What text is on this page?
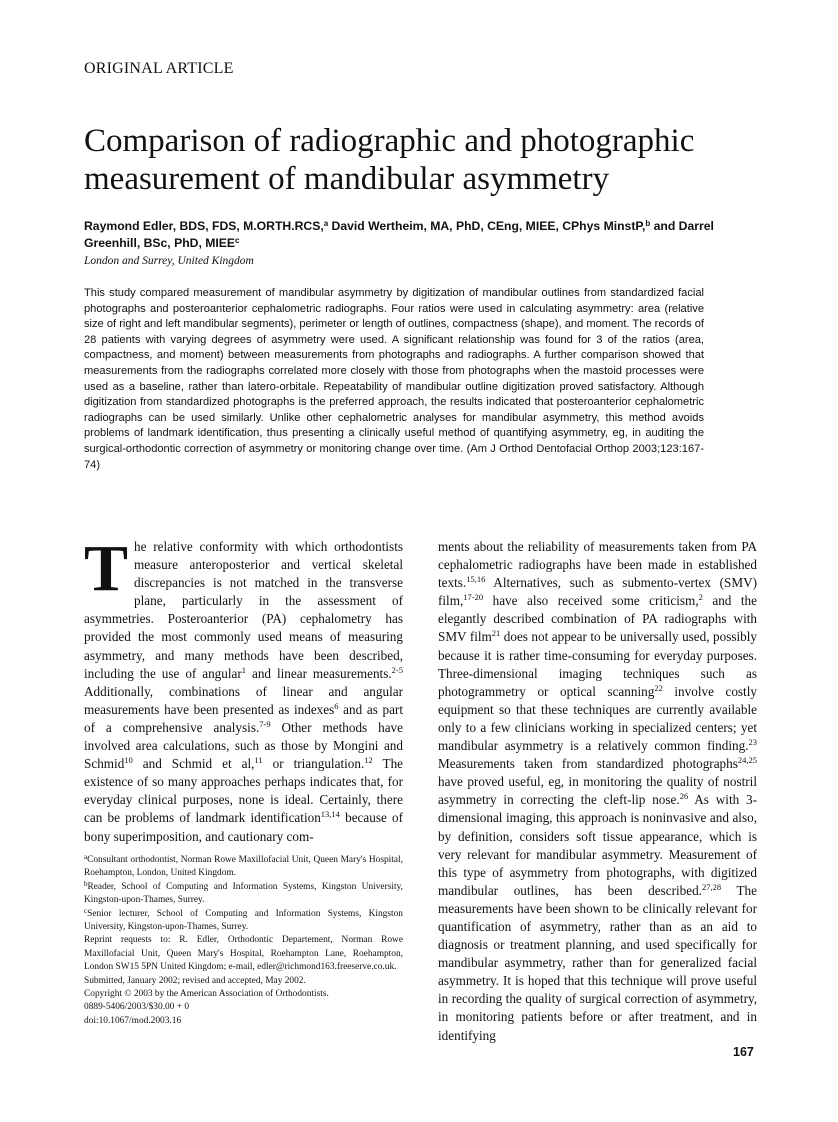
ORIGINAL ARTICLE
Comparison of radiographic and photographic measurement of mandibular asymmetry
Raymond Edler, BDS, FDS, M.ORTH.RCS,$^a$ David Wertheim, MA, PhD, CEng, MIEE, CPhys MinstP,$^b$ and Darrel Greenhill, BSc, PhD, MIEE$^c$
London and Surrey, United Kingdom

This study compared measurement of mandibular asymmetry by digitization of mandibular outlines from standardized facial photographs and posteroanterior cephalometric radiographs. Four ratios were used in calculating asymmetry: area (relative size of right and left mandibular segments), perimeter or length of outlines, compactness (shape), and moment. The records of 28 patients with varying degrees of asymmetry were used. A significant relationship was found for 3 of the ratios (area, compactness, and moment) between measurements from photographs and radiographs. A further comparison showed that measurements from the radiographs correlated more closely with those from photographs when the mastoid processes were used as a baseline, rather than latero-orbitale. Repeatability of mandibular outline digitization proved satisfactory. Although digitization from standardized photographs is the preferred approach, the results indicated that posteroanterior cephalometric radiographs can be used similarly. Unlike other cephalometric analyses for mandibular asymmetry, this method avoids problems of landmark identification, thus presenting a clinically useful method of quantifying asymmetry, eg, in auditing the surgical-orthodontic correction of asymmetry or monitoring change over time. (Am J Orthod Dentofacial Orthop 2003;123:167-74)

The relative conformity with which orthodontists measure anteroposterior and vertical skeletal discrepancies is not matched in the transverse plane, particularly in the assessment of asymmetries. Posteroanterior (PA) cephalometry has provided the most commonly used means of measuring asymmetry, and many methods have been described, including the use of angular$^1$ and linear measurements.$^{2-5}$ Additionally, combinations of linear and angular measurements have been presented as indexes$^6$ and as part of a comprehensive analysis.$^{7-9}$ Other methods have involved area calculations, such as those by Mongini and Schmid$^{10}$ and Schmid et al,$^{11}$ or triangulation.$^{12}$ The existence of so many approaches perhaps indicates that, for everyday clinical purposes, none is ideal. Certainly, there can be problems of landmark identification$^{13,14}$ because of bony superimposition, and cautionary com-

ments about the reliability of measurements taken from PA cephalometric radiographs have been made in established texts.$^{15,16}$ Alternatives, such as submento-vertex (SMV) film,$^{17-20}$ have also received some criticism,$^2$ and the elegantly described combination of PA radiographs with SMV film$^{21}$ does not appear to be universally used, possibly because it is rather time-consuming for everyday purposes. Three-dimensional imaging techniques such as photogrammetry or optical scanning$^{22}$ involve costly equipment so that these techniques are currently available only to a few clinicians working in specialized centers; yet mandibular asymmetry is a relatively common finding.$^{23}$ Measurements taken from standardized photographs$^{24,25}$ have proved useful, eg, in monitoring the quality of nostril asymmetry in correcting the cleft-lip nose.$^{26}$ As with 3-dimensional imaging, this approach is noninvasive and also, by definition, considers soft tissue appearance, which is very relevant for mandibular asymmetry. Measurement of this type of asymmetry from photographs, with digitized mandibular outlines, has been described.$^{27,28}$ The measurements have been shown to be clinically relevant for quantification of asymmetry, rather than as an aid to diagnosis or treatment planning, and used specifically for mandibular asymmetry, rather than for generalized facial asymmetry. It is hoped that this technique will prove useful in recording the quality of surgical correction of asymmetry, in monitoring patients before or after treatment, and in identifying

$^a$Consultant orthodontist, Norman Rowe Maxillofacial Unit, Queen Mary's Hospital, Roehampton, London, United Kingdom.

$^b$Reader, School of Computing and Information Systems, Kingston University, Kingston-upon-Thames, Surrey.

$^c$Senior lecturer, School of Computing and Information Systems, Kingston University, Kingston-upon-Thames, Surrey.

Reprint requests to: R. Edler, Orthodontic Departement, Norman Rowe Maxillofacial Unit, Queen Mary's Hospital, Roehampton Lane, Roehampton, London SW15 5PN United Kingdom; e-mail, edler@richmond163.freeserve.co.uk.

Submitted, January 2002; revised and accepted, May 2002.

Copyright © 2003 by the American Association of Orthodontists.

0889-5406/2003/$30.00 + 0

doi:10.1067/mod.2003.16

167
